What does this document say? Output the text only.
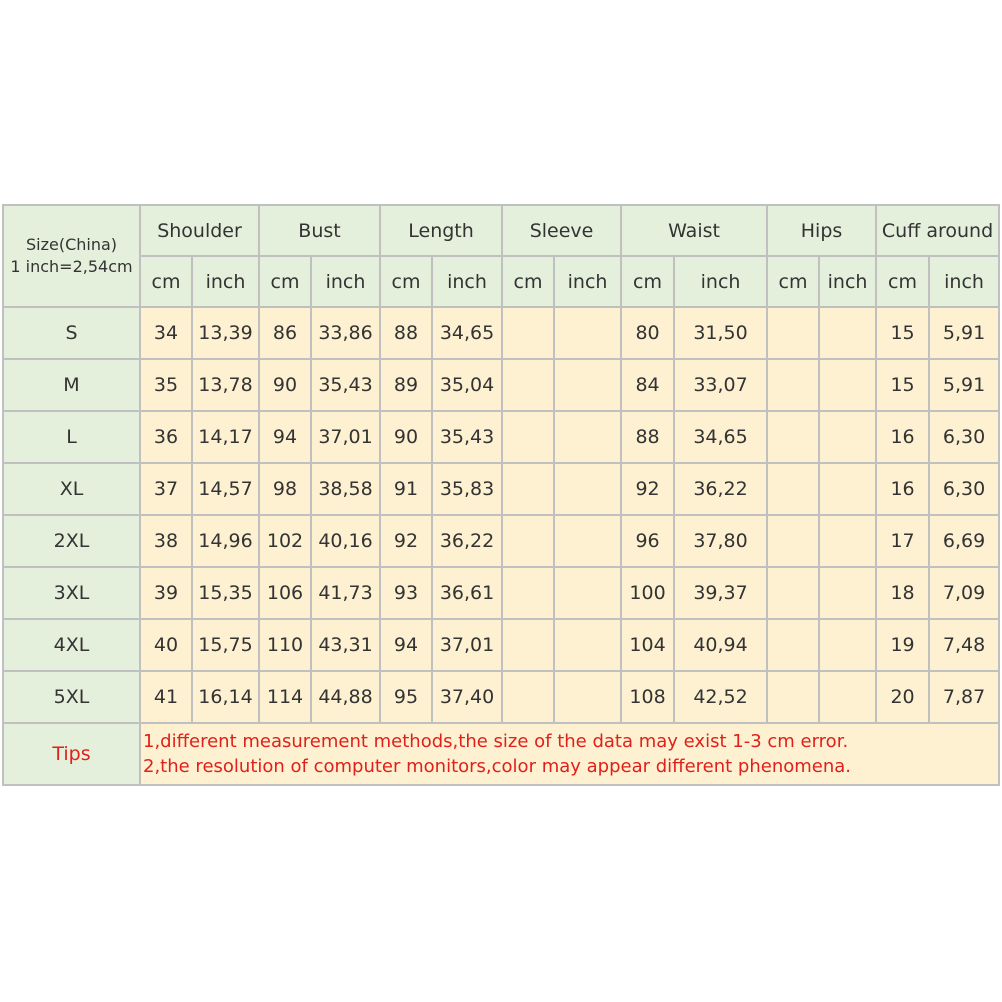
Size(China)
1 inch=2,54cm	Shoulder		Bust		Length		Sleeve		Waist		Hips		Cuff around	
	cm	inch	cm	inch	cm	inch	cm	inch	cm	inch	cm	inch	cm	inch
S	34	13,39	86	33,86	88	34,65			80	31,50			15	5,91
M	35	13,78	90	35,43	89	35,04			84	33,07			15	5,91
L	36	14,17	94	37,01	90	35,43			88	34,65			16	6,30
XL	37	14,57	98	38,58	91	35,83			92	36,22			16	6,30
2XL	38	14,96	102	40,16	92	36,22			96	37,80			17	6,69
3XL	39	15,35	106	41,73	93	36,61			100	39,37			18	7,09
4XL	40	15,75	110	43,31	94	37,01			104	40,94			19	7,48
5XL	41	16,14	114	44,88	95	37,40			108	42,52			20	7,87
Tips	1,different measurement methods,the size of the data may exist 1-3 cm error.
2,the resolution of computer monitors,color may appear different phenomena.													
